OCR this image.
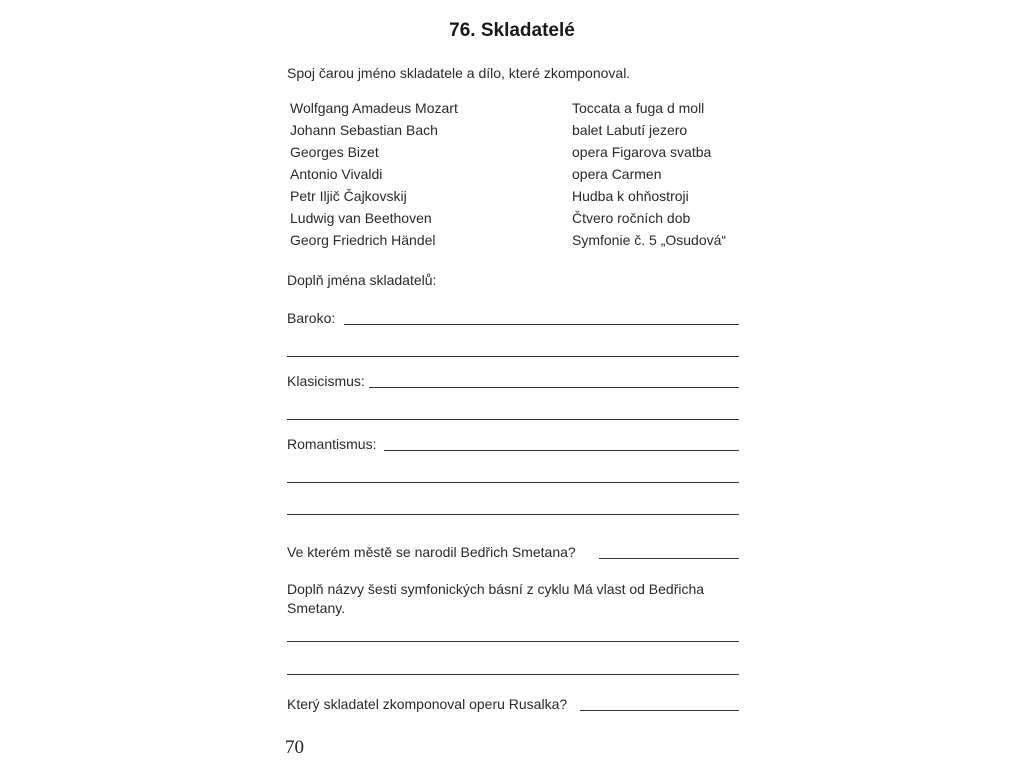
76. Skladatelé
Spoj čarou jméno skladatele a dílo, které zkomponoval.
Wolfgang Amadeus Mozart
Johann Sebastian Bach
Georges Bizet
Antonio Vivaldi
Petr Iljič Čajkovskij
Ludwig van Beethoven
Georg Friedrich Händel
Toccata a fuga d moll
balet Labutí jezero
opera Figarova svatba
opera Carmen
Hudba k ohňostroji
Čtvero ročních dob
Symfonie č. 5 „Osudová“
Doplň jména skladatelů:
Baroko:
Klasicismus:
Romantismus:
Ve kterém městě se narodil Bedřich Smetana?
Doplň názvy šesti symfonických básní z cyklu Má vlast od Bedřicha
Smetany.
Který skladatel zkomponoval operu Rusalka?
70
